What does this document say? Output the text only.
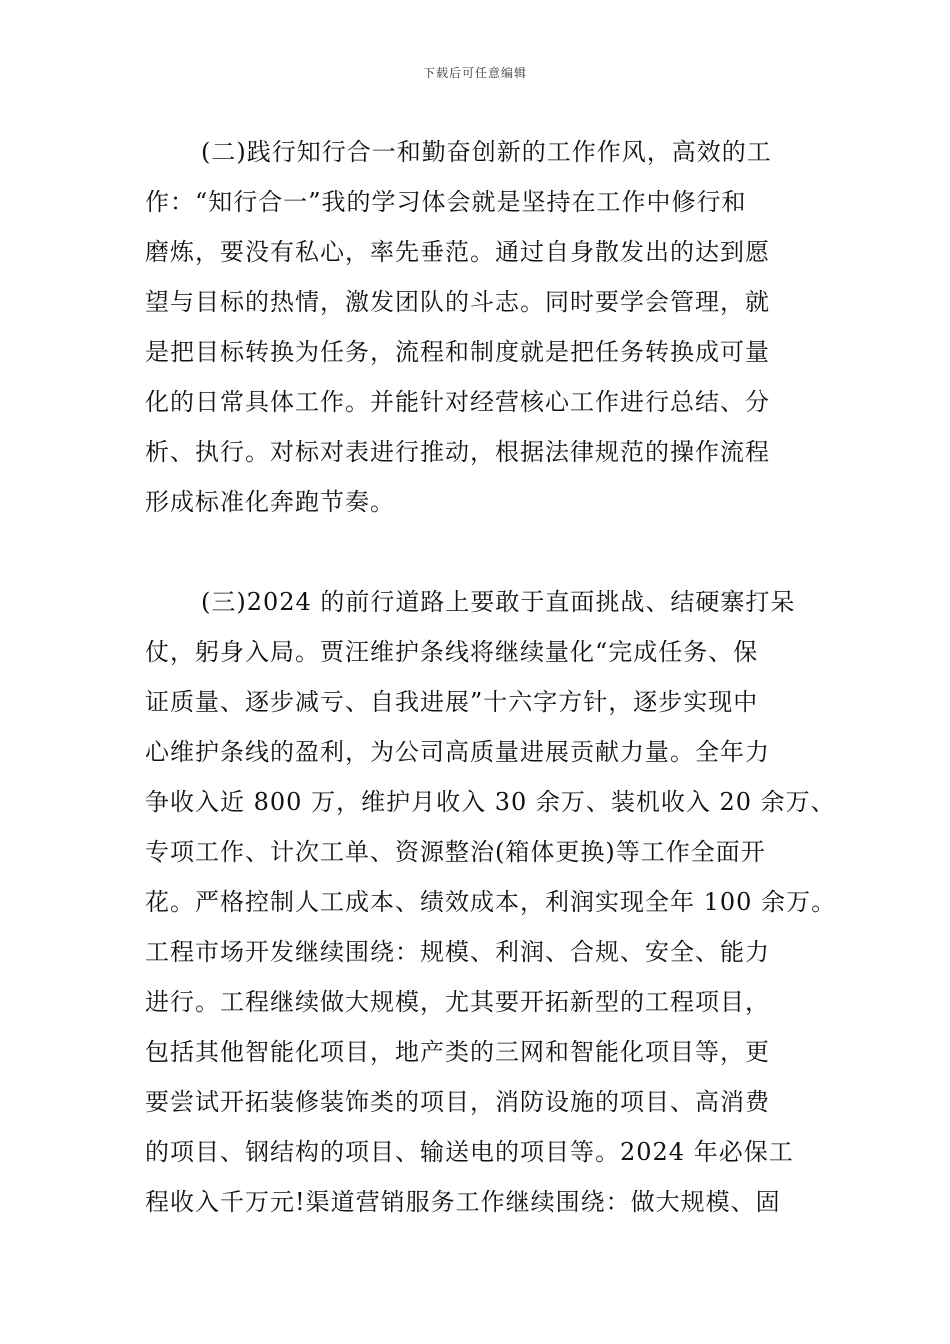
下载后可任意编辑
(二)践行知行合一和勤奋创新的工作作风，高效的工
作：“知行合一”我的学习体会就是坚持在工作中修行和
磨炼，要没有私心，率先垂范。通过自身散发出的达到愿
望与目标的热情，激发团队的斗志。同时要学会管理，就
是把目标转换为任务，流程和制度就是把任务转换成可量
化的日常具体工作。并能针对经营核心工作进行总结、分
析、执行。对标对表进行推动，根据法律规范的操作流程
形成标准化奔跑节奏。
(三)2024 的前行道路上要敢于直面挑战、结硬寨打呆
仗，躬身入局。贾汪维护条线将继续量化“完成任务、保
证质量、逐步减亏、自我进展”十六字方针，逐步实现中
心维护条线的盈利，为公司高质量进展贡献力量。全年力
争收入近 800 万，维护月收入 30 余万、装机收入 20 余万、
专项工作、计次工单、资源整治(箱体更换)等工作全面开
花。严格控制人工成本、绩效成本，利润实现全年 100 余万。
工程市场开发继续围绕：规模、利润、合规、安全、能力
进行。工程继续做大规模，尤其要开拓新型的工程项目，
包括其他智能化项目，地产类的三网和智能化项目等，更
要尝试开拓装修装饰类的项目，消防设施的项目、高消费
的项目、钢结构的项目、输送电的项目等。2024 年必保工
程收入千万元!渠道营销服务工作继续围绕：做大规模、固
